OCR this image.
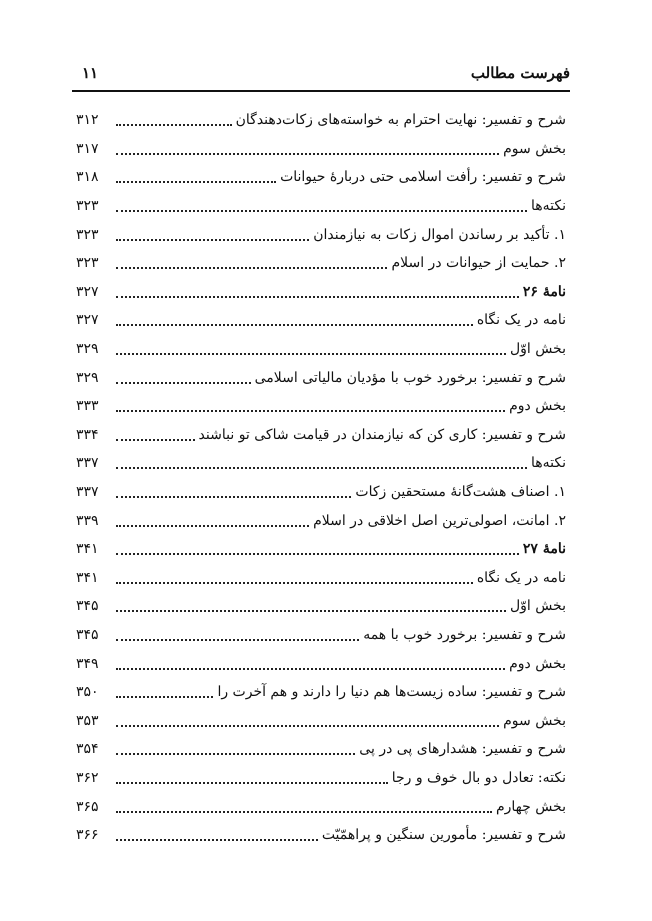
فهرست مطالب
۱۱
شرح و تفسیر: نهایت احترام به خواسته‌های زکات‌دهندگان
۳۱۲
بخش سوم
۳۱۷
شرح و تفسیر: رأفت اسلامی حتی دربارهٔ حیوانات
۳۱۸
نکته‌ها
۳۲۳
۱. تأکید بر رساندن اموال زکات به نیازمندان
۳۲۳
۲. حمایت از حیوانات در اسلام
۳۲۳
نامهٔ ۲۶
۳۲۷
نامه در یک نگاه
۳۲۷
بخش اوّل
۳۲۹
شرح و تفسیر: برخورد خوب با مؤدیان مالیاتی اسلامی
۳۲۹
بخش دوم
۳۳۳
شرح و تفسیر: کاری کن که نیازمندان در قیامت شاکی تو نباشند
۳۳۴
نکته‌ها
۳۳۷
۱. اصناف هشت‌گانهٔ مستحقین زکات
۳۳۷
۲. امانت، اصولی‌ترین اصل اخلاقی در اسلام
۳۳۹
نامهٔ ۲۷
۳۴۱
نامه در یک نگاه
۳۴۱
بخش اوّل
۳۴۵
شرح و تفسیر: برخورد خوب با همه
۳۴۵
بخش دوم
۳۴۹
شرح و تفسیر: ساده زیست‌ها هم دنیا را دارند و هم آخرت را
۳۵۰
بخش سوم
۳۵۳
شرح و تفسیر: هشدارهای پی در پی
۳۵۴
نکته: تعادل دو بال خوف و رجا
۳۶۲
بخش چهارم
۳۶۵
شرح و تفسیر: مأمورین سنگین و پراهمّیّت
۳۶۶
